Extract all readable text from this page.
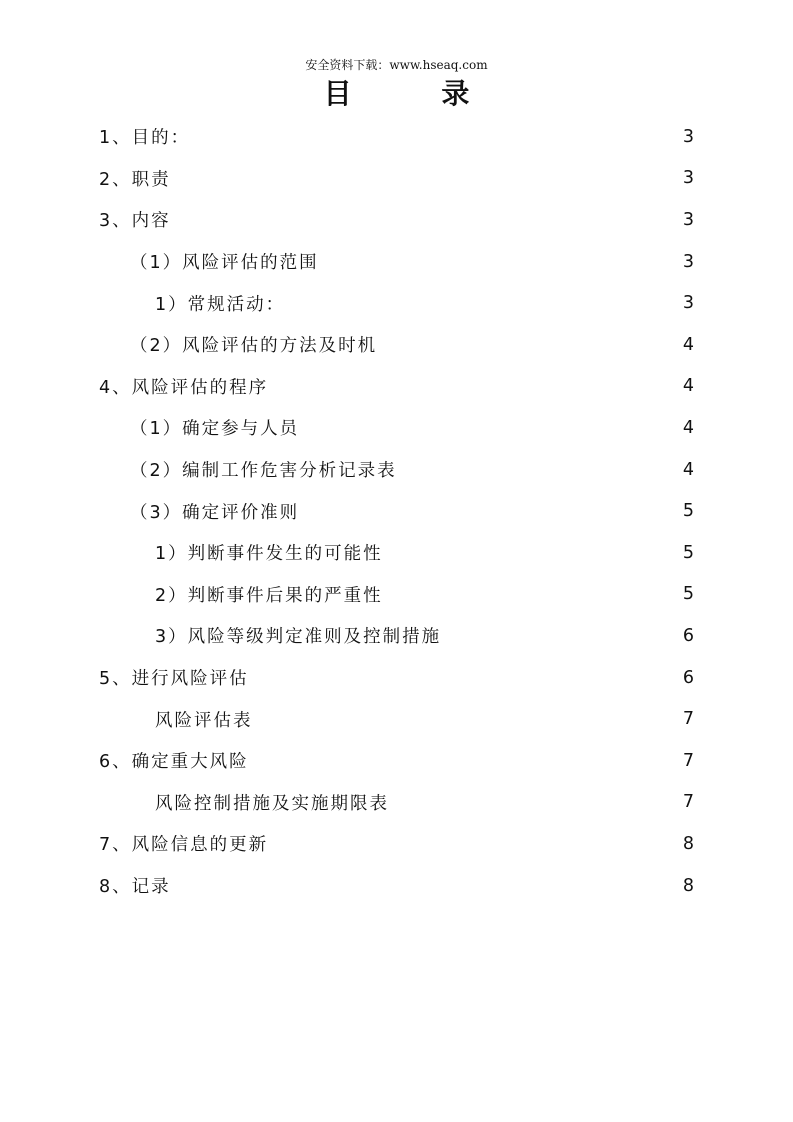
安全资料下载：www.hseaq.com
目 录
1、目的：	3
2、职责	3
3、内容	3
（1）风险评估的范围	3
1）常规活动：	3
（2）风险评估的方法及时机	4
4、风险评估的程序	4
（1）确定参与人员	4
（2）编制工作危害分析记录表	4
（3）确定评价准则	5
1）判断事件发生的可能性	5
2）判断事件后果的严重性	5
3）风险等级判定准则及控制措施	6
5、进行风险评估	6
风险评估表	7
6、确定重大风险	7
风险控制措施及实施期限表	7
7、风险信息的更新	8
8、记录	8
